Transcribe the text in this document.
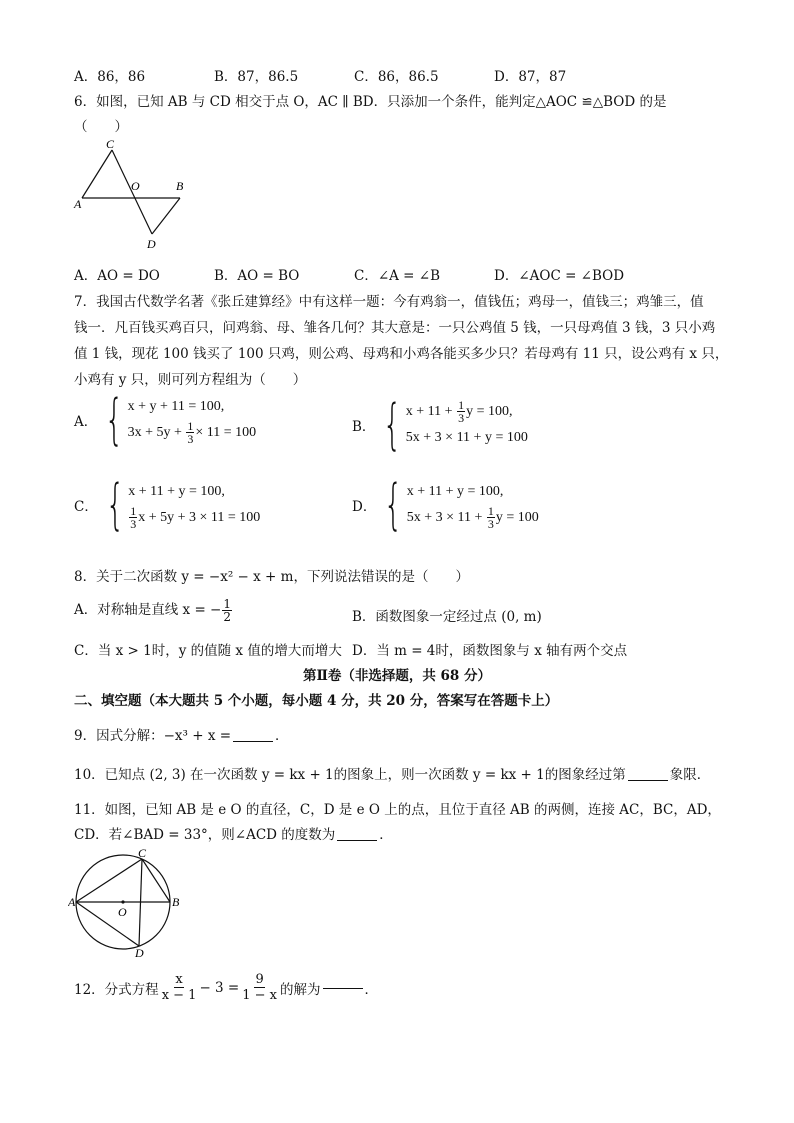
A．86，86	B．87，86.5	C．86，86.5	D．87，87
6．如图，已知 AB 与 CD 相交于点 O，AC ∥ BD．只添加一个条件，能判定△AOC ≌△BOD 的是
（　　）
C
O	B
A
D
A．AO = DO	B．AO = BO	C．∠A = ∠B	D．∠AOC = ∠BOD
7．我国古代数学名著《张丘建算经》中有这样一题：今有鸡翁一，值钱伍；鸡母一，值钱三；鸡雏三，值
钱一．凡百钱买鸡百只，问鸡翁、母、雏各几何？其大意是：一只公鸡值 5 钱，一只母鸡值 3 钱，3 只小鸡
值 1 钱，现花 100 钱买了 100 只鸡，则公鸡、母鸡和小鸡各能买多少只？若母鸡有 11 只，设公鸡有 x 只，
小鸡有 y 只，则可列方程组为（　　）
A． { x + y + 11 = 100,
$3x + 5y + \frac{1}{3} \times 11 = 100$	B． { $x + 11 + \frac{1}{3}$ y = 100,
5x + 3 × 11 + y = 100
C． { x + 11 + y = 100,
$\frac{1}{3}$ x + 5y + 3 × 11 = 100
D． { x + 11 + y = 100,
$5x + 3 \times 11 + \frac{1}{3}$ y = 100
8．关于二次函数 y = −x² − x + m，下列说法错误的是（　　）
A．对称轴是直线 x = − $\frac{1}{2}$	B．函数图象一定经过点 (0, m)
C．当 x > 1时，y 的值随 x 值的增大而增大 D．当 m = 4时，函数图象与 x 轴有两个交点
第Ⅱ卷（非选择题，共 68 分）
二、填空题（本大题共 5 个小题，每小题 4 分，共 20 分，答案写在答题卡上）
9．因式分解：−x³ + x =	．
10．已知点 (2, 3) 在一次函数 y = kx + 1的图象上，则一次函数 y = kx + 1的图象经过第	象限．
11．如图，已知 AB 是 e O 的直径，C，D 是 e O 上的点，且位于直径 AB 的两侧，连接 AC，BC，AD，
CD．若∠BAD = 33°，则∠ACD 的度数为	．
C
A
O
B
D
12．分式方程 $\frac{x}{x - 1} - 3 = \frac{9}{1 - x}$ 的解为	．
